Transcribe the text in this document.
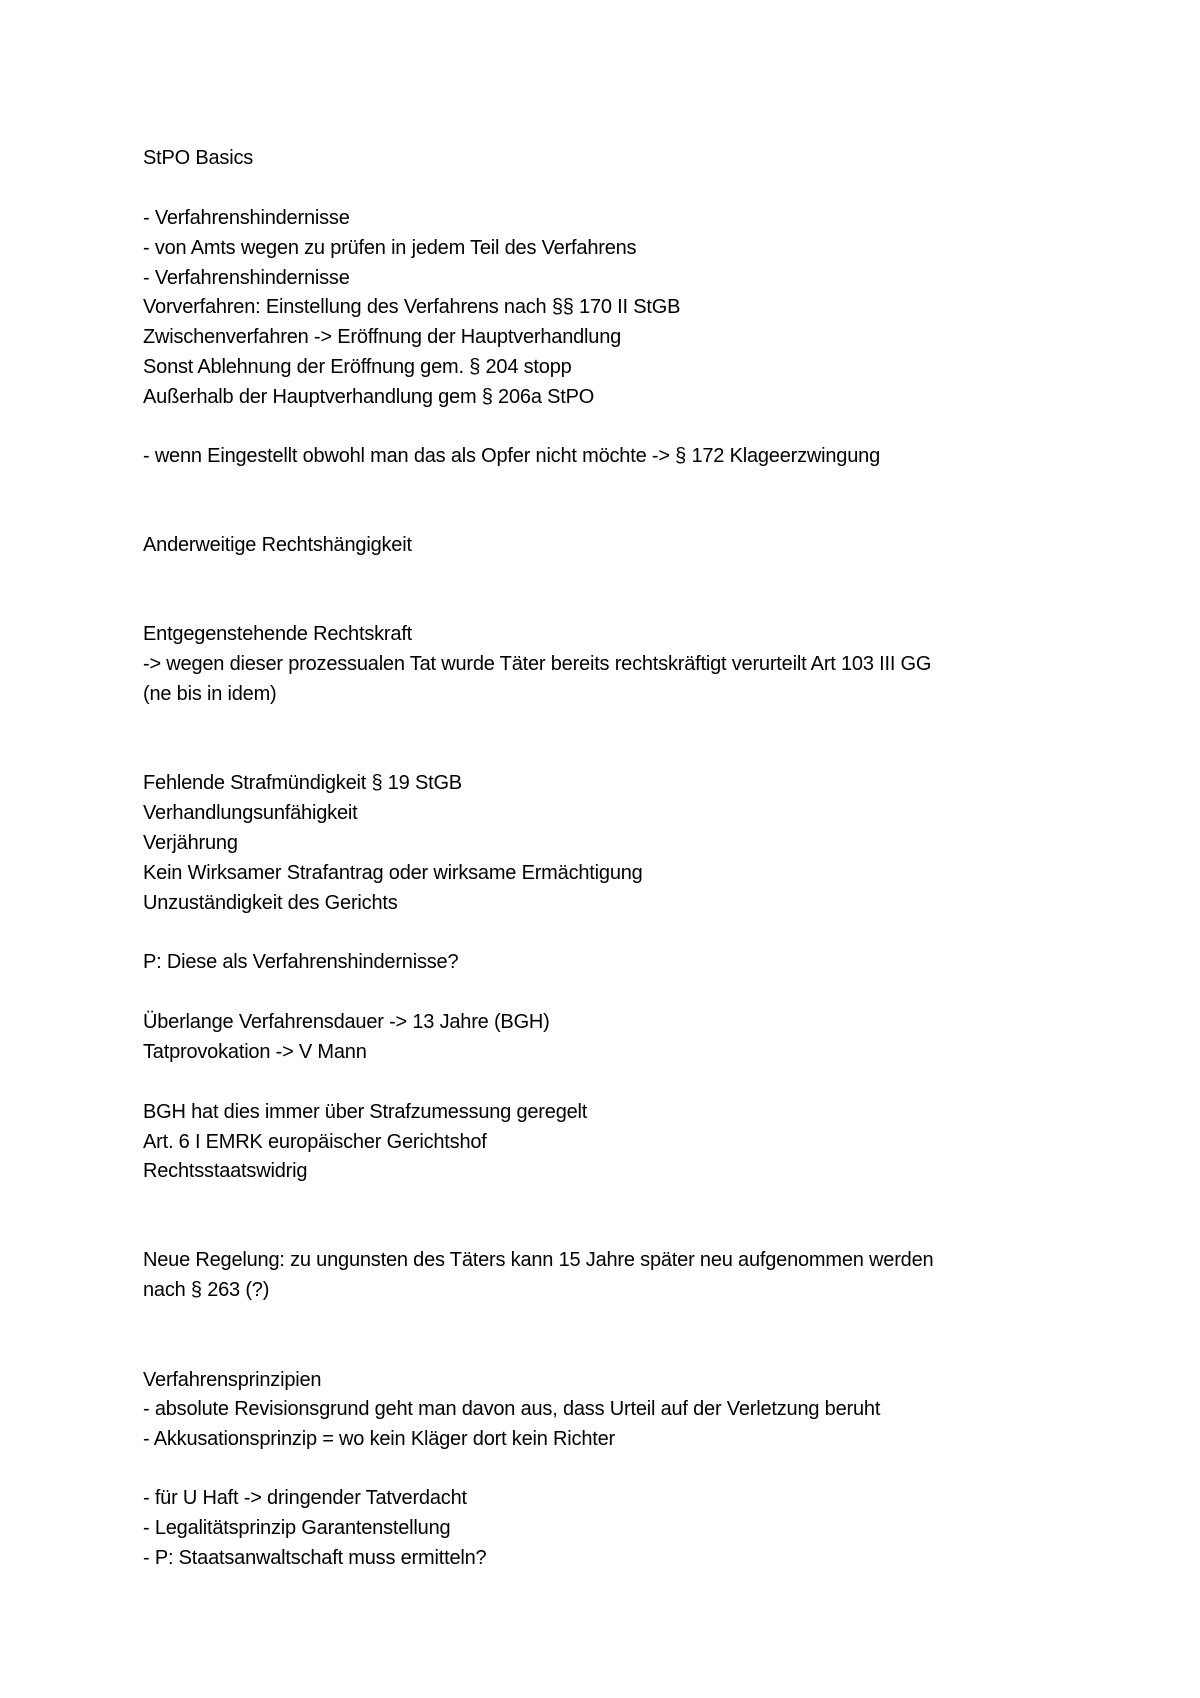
StPO Basics
- Verfahrenshindernisse
- von Amts wegen zu prüfen in jedem Teil des Verfahrens
- Verfahrenshindernisse
Vorverfahren: Einstellung des Verfahrens nach §§ 170 II StGB
Zwischenverfahren -> Eröffnung der Hauptverhandlung
Sonst Ablehnung der Eröffnung gem. § 204 stopp
Außerhalb der Hauptverhandlung gem § 206a StPO
- wenn Eingestellt obwohl man das als Opfer nicht möchte -> § 172 Klageerzwingung
Anderweitige Rechtshängigkeit
Entgegenstehende Rechtskraft
-> wegen dieser prozessualen Tat wurde Täter bereits rechtskräftigt verurteilt Art 103 III GG
(ne bis in idem)
Fehlende Strafmündigkeit § 19 StGB
Verhandlungsunfähigkeit
Verjährung
Kein Wirksamer Strafantrag oder wirksame Ermächtigung
Unzuständigkeit des Gerichts
P: Diese als Verfahrenshindernisse?
Überlange Verfahrensdauer -> 13 Jahre (BGH)
Tatprovokation -> V Mann
BGH hat dies immer über Strafzumessung geregelt
Art. 6 I EMRK europäischer Gerichtshof
Rechtsstaatswidrig
Neue Regelung: zu ungunsten des Täters kann 15 Jahre später neu aufgenommen werden
nach § 263 (?)
Verfahrensprinzipien
- absolute Revisionsgrund geht man davon aus, dass Urteil auf der Verletzung beruht
- Akkusationsprinzip = wo kein Kläger dort kein Richter
- für U Haft -> dringender Tatverdacht
- Legalitätsprinzip Garantenstellung
- P: Staatsanwaltschaft muss ermitteln?
